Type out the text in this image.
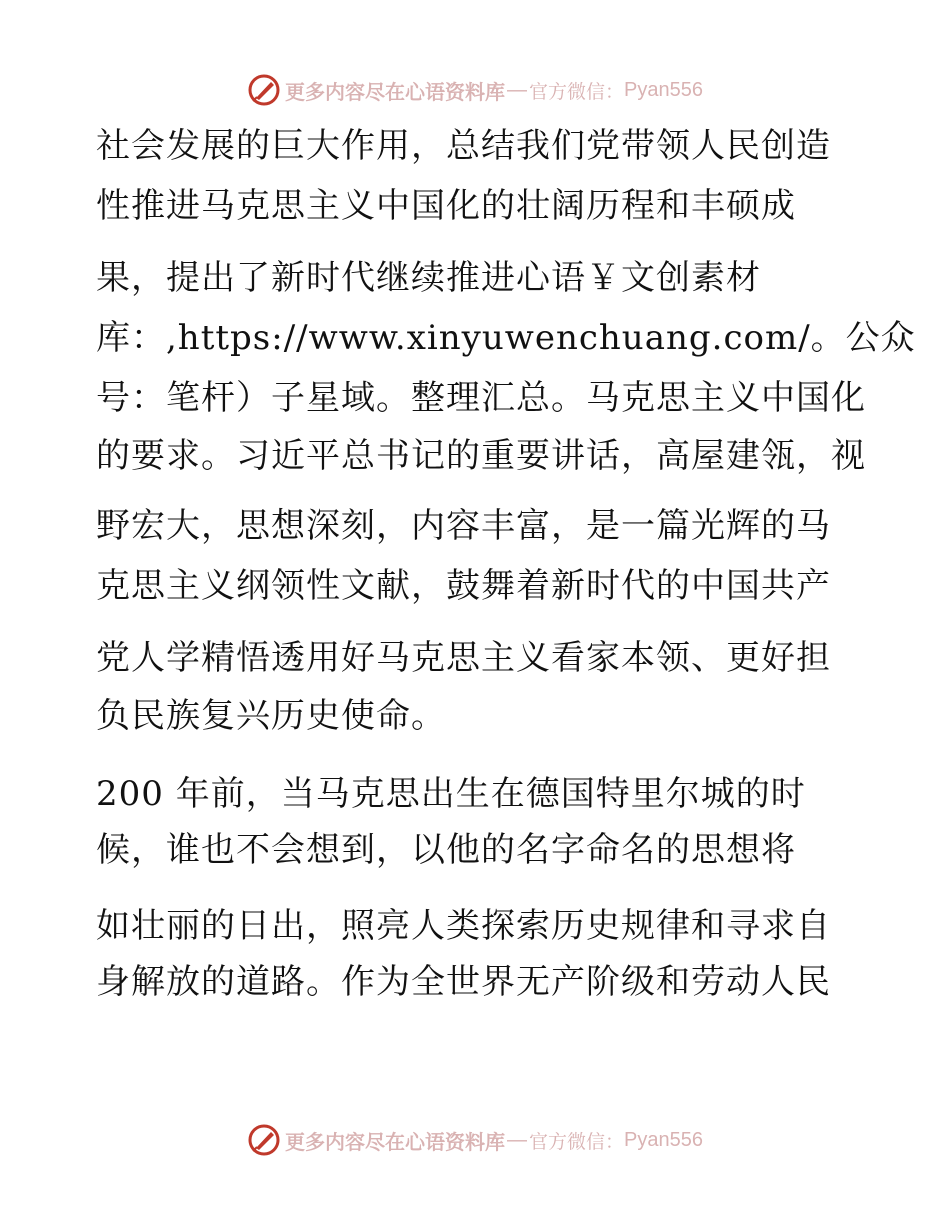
更多内容尽在心语资料库 — 官方微信： Pyan556
社会发展的巨大作用，总结我们党带领人民创造
性推进马克思主义中国化的壮阔历程和丰硕成
果，提出了新时代继续推进心语￥文创素材
库：,https://www.xinyuwenchuang.com/。公众
号：笔杆）子星域。整理汇总。马克思主义中国化
的要求。习近平总书记的重要讲话，高屋建瓴，视
野宏大，思想深刻，内容丰富，是一篇光辉的马
克思主义纲领性文献，鼓舞着新时代的中国共产
党人学精悟透用好马克思主义看家本领、更好担
负民族复兴历史使命。
200 年前，当马克思出生在德国特里尔城的时
候，谁也不会想到，以他的名字命名的思想将
如壮丽的日出，照亮人类探索历史规律和寻求自
身解放的道路。作为全世界无产阶级和劳动人民
更多内容尽在心语资料库 — 官方微信： Pyan556
